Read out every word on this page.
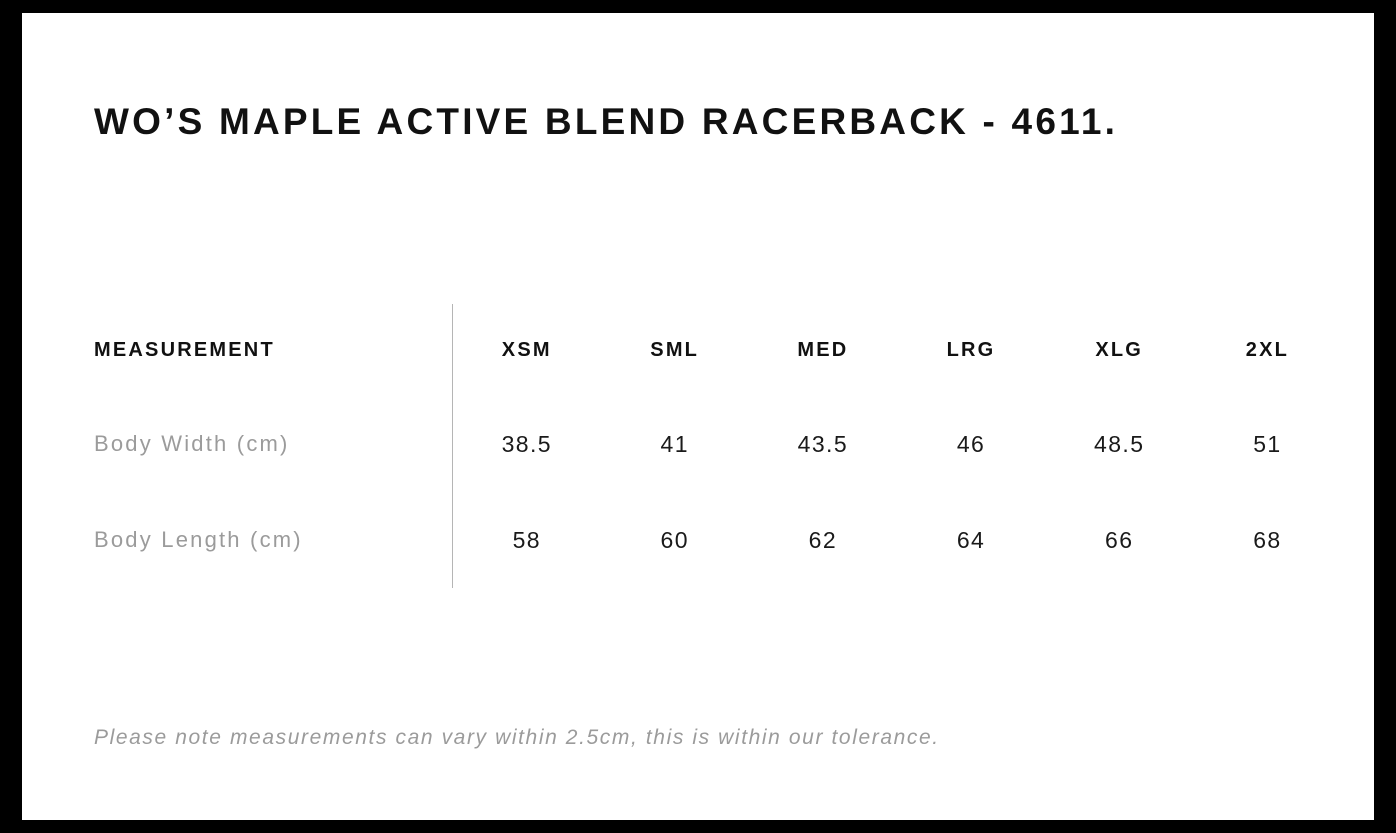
WO’S MAPLE ACTIVE BLEND RACERBACK - 4611.

MEASUREMENT	XSM	SML	MED	LRG	XLG	2XL
Body Width (cm)	38.5	41	43.5	46	48.5	51
Body Length (cm)	58	60	62	64	66	68

Please note measurements can vary within 2.5cm, this is within our tolerance.
